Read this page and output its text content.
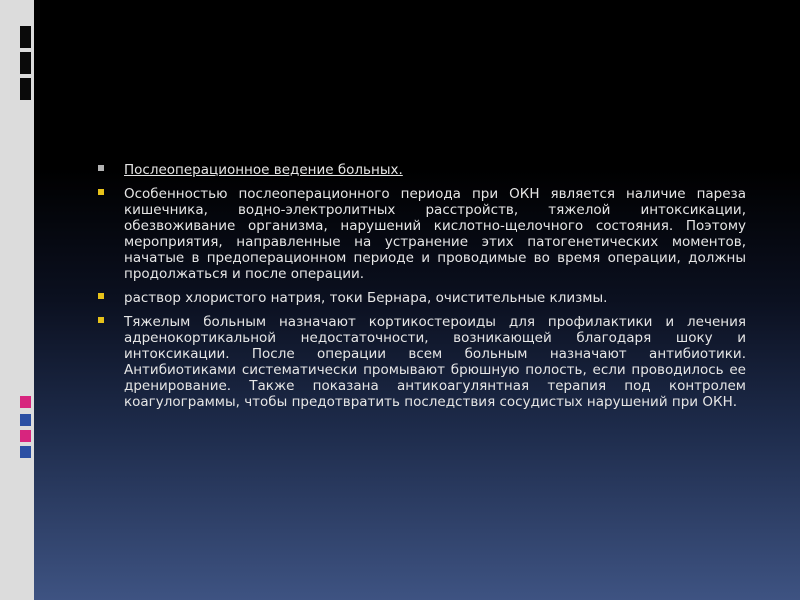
Послеоперационное ведение больных.
Особенностью послеоперационного периода при ОКН является наличие пареза кишечника, водно-электролитных расстройств, тяжелой интоксикации, обезвоживание организма, нарушений кислотно-щелочного состояния. Поэтому мероприятия, направленные на устранение этих патогенетических моментов, начатые в предоперационном периоде и проводимые во время операции, должны продолжаться и после операции.
раствор хлористого натрия, токи Бернара, очистительные клизмы.
Тяжелым больным назначают кортикостероиды для профилактики и лечения адренокортикальной недостаточности, возникающей благодаря шоку и интоксикации. После операции всем больным назначают антибиотики. Антибиотиками систематически промывают брюшную полость, если проводилось ее дренирование. Также показана антикоагулянтная терапия под контролем коагулограммы, чтобы предотвратить последствия сосудистых нарушений при ОКН.
